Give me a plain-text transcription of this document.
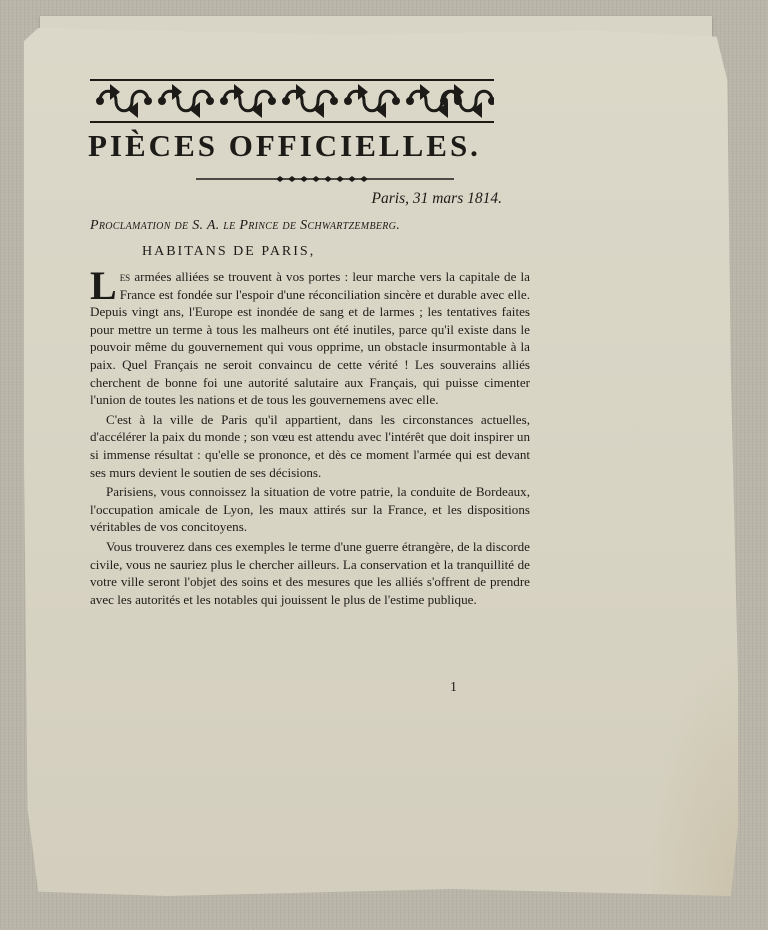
PIÈCES OFFICIELLES.
Paris, 31 mars 1814.
Proclamation de S. A. le Prince de Schwartzemberg.
HABITANS DE PARIS,

Les armées alliées se trouvent à vos portes : leur marche vers la capitale de la France est fondée sur l'espoir d'une réconciliation sincère et durable avec elle. Depuis vingt ans, l'Europe est inondée de sang et de larmes ; les tentatives faites pour mettre un terme à tous les malheurs ont été inutiles, parce qu'il existe dans le pouvoir même du gouvernement qui vous opprime, un obstacle insurmontable à la paix. Quel Français ne seroit convaincu de cette vérité ! Les souverains alliés cherchent de bonne foi une autorité salutaire aux Français, qui puisse cimenter l'union de toutes les nations et de tous les gouvernemens avec elle.

C'est à la ville de Paris qu'il appartient, dans les circonstances actuelles, d'accélérer la paix du monde ; son vœu est attendu avec l'intérêt que doit inspirer un si immense résultat : qu'elle se prononce, et dès ce moment l'armée qui est devant ses murs devient le soutien de ses décisions.

Parisiens, vous connoissez la situation de votre patrie, la conduite de Bordeaux, l'occupation amicale de Lyon, les maux attirés sur la France, et les dispositions véritables de vos concitoyens.

Vous trouverez dans ces exemples le terme d'une guerre étrangère, de la discorde civile, vous ne sauriez plus le chercher ailleurs. La conservation et la tranquillité de votre ville seront l'objet des soins et des mesures que les alliés s'offrent de prendre avec les autorités et les notables qui jouissent le plus de l'estime publique.

1
